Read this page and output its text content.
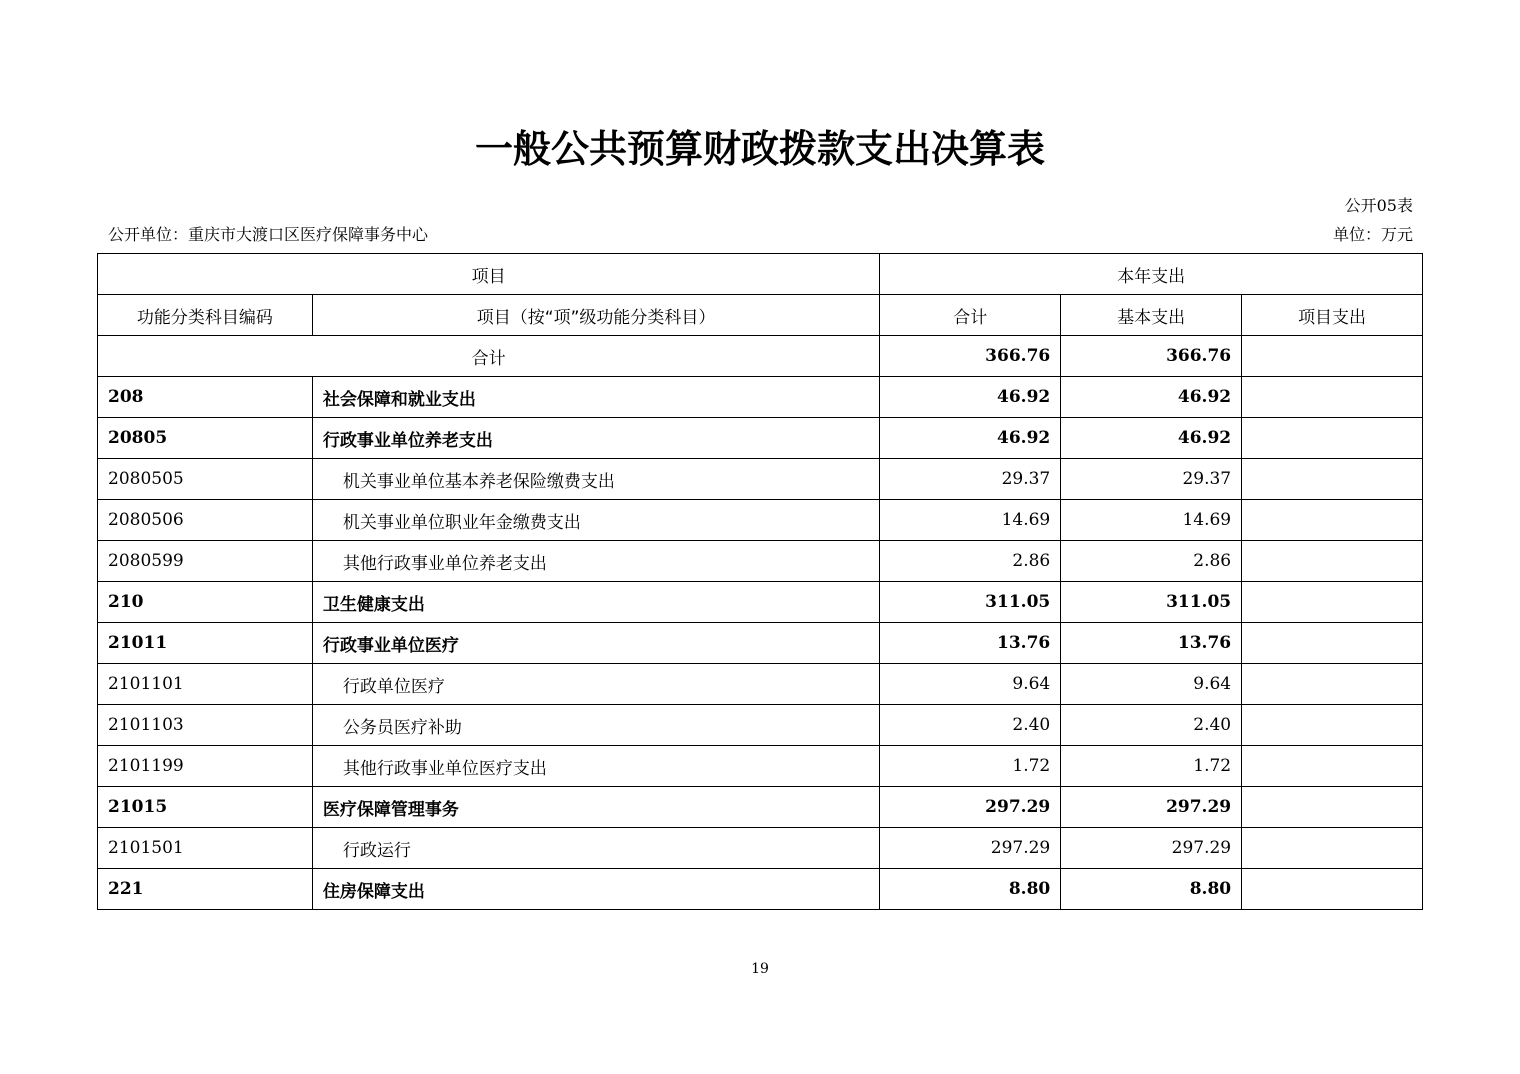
一般公共预算财政拨款支出决算表
公开05表
公开单位：重庆市大渡口区医疗保障事务中心	单位：万元
项目		本年支出		
功能分类科目编码	项目（按“项”级功能分类科目）	合计	基本支出	项目支出
合计		366.76	366.76	
208	社会保障和就业支出	46.92	46.92	
20805	行政事业单位养老支出	46.92	46.92	
2080505	机关事业单位基本养老保险缴费支出	29.37	29.37	
2080506	机关事业单位职业年金缴费支出	14.69	14.69	
2080599	其他行政事业单位养老支出	2.86	2.86	
210	卫生健康支出	311.05	311.05	
21011	行政事业单位医疗	13.76	13.76	
2101101	行政单位医疗	9.64	9.64	
2101103	公务员医疗补助	2.40	2.40	
2101199	其他行政事业单位医疗支出	1.72	1.72	
21015	医疗保障管理事务	297.29	297.29	
2101501	行政运行	297.29	297.29	
221	住房保障支出	8.80	8.80	
19
